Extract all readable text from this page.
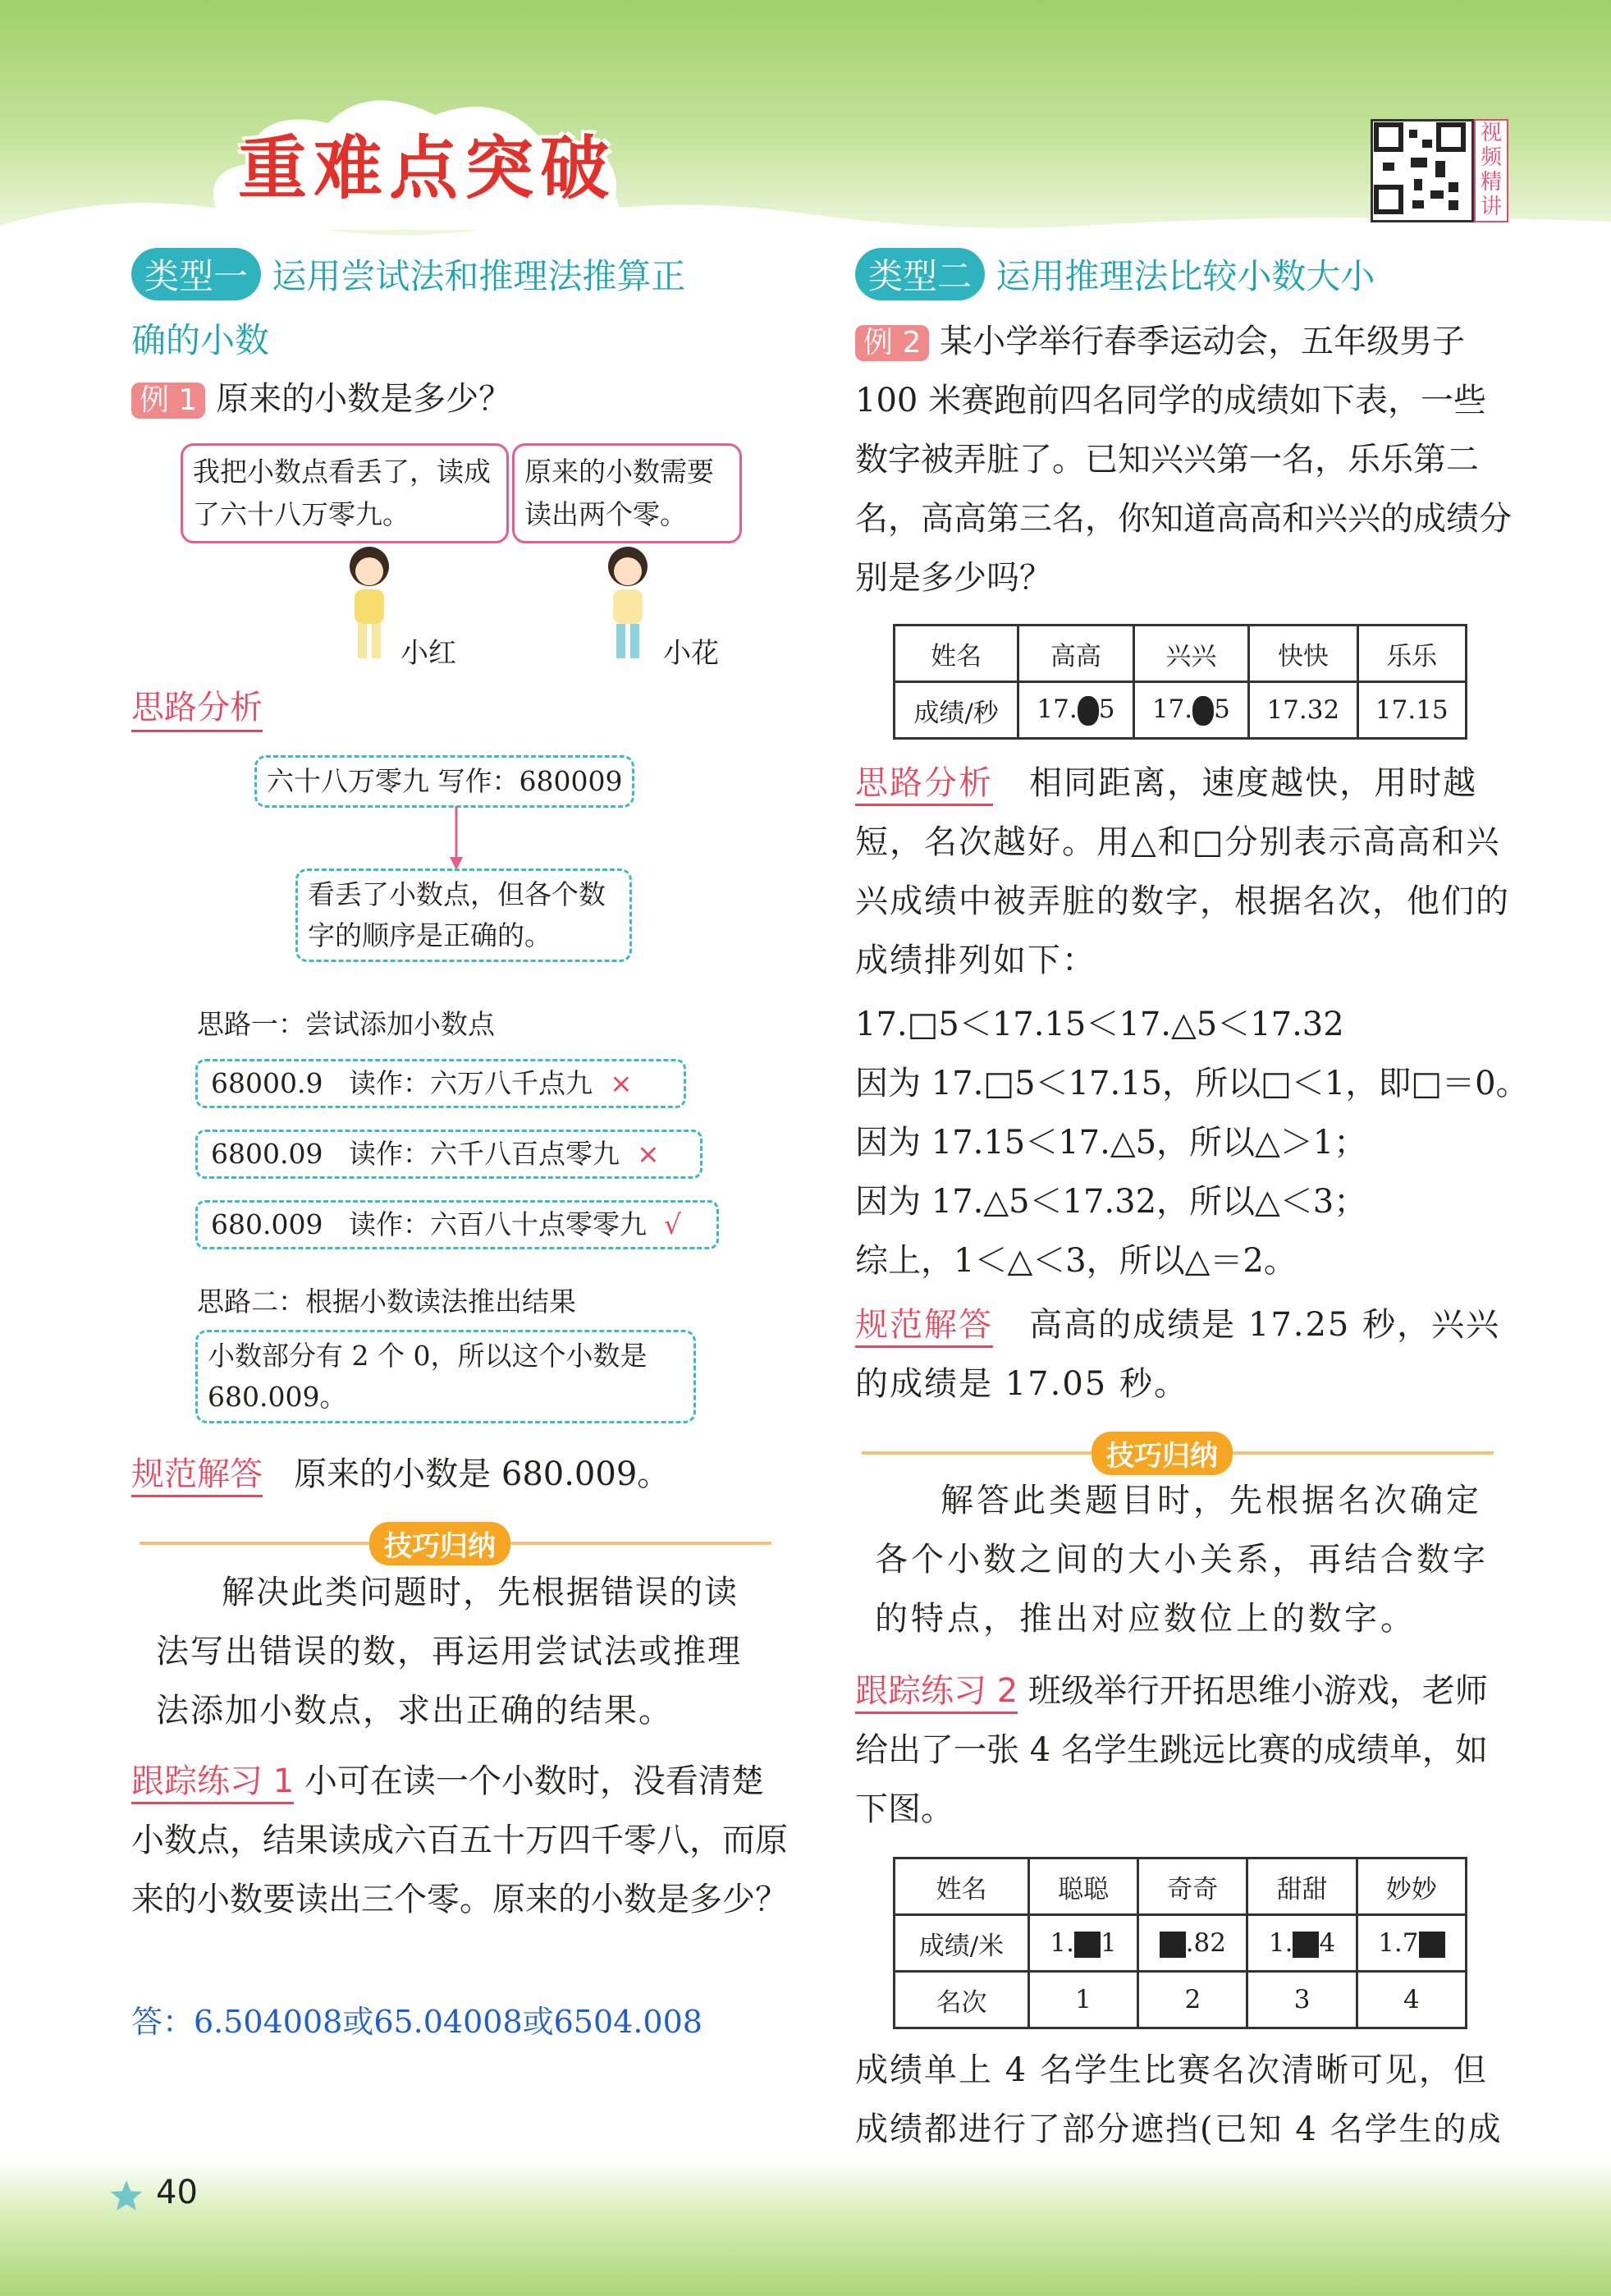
重难点突破	视频精讲
类型一 运用尝试法和推理法推算正
确的小数
例 1 原来的小数是多少？
我把小数点看丢了，读成了六十八万零九。
原来的小数需要读出两个零。
小红	小花
思路分析
六十八万零九 写作：680009
看丢了小数点，但各个数字的顺序是正确的。
思路一：尝试添加小数点
68000.9 读作：六万八千点九 ×
6800.09 读作：六千八百点零九 ×
680.009 读作：六百八十点零零九 √
思路二：根据小数读法推出结果
小数部分有 2 个 0，所以这个小数是 680.009。
规范解答 原来的小数是 680.009。
技巧归纳
解决此类问题时，先根据错误的读法写出错误的数，再运用尝试法或推理法添加小数点，求出正确的结果。
跟踪练习 1 小可在读一个小数时，没看清楚小数点，结果读成六百五十万四千零八，而原来的小数要读出三个零。原来的小数是多少？
答：6.504008或65.04008或6504.008
类型二 运用推理法比较小数大小
例 2 某小学举行春季运动会，五年级男子 100 米赛跑前四名同学的成绩如下表，一些数字被弄脏了。已知兴兴第一名，乐乐第二名，高高第三名，你知道高高和兴兴的成绩分别是多少吗？
姓名	高高	兴兴	快快	乐乐
成绩/秒	17. 5	17. 5	17.32	17.15
思路分析 相同距离，速度越快，用时越短，名次越好。用△和□分别表示高高和兴兴成绩中被弄脏的数字，根据名次，他们的成绩排列如下：
17.□5＜17.15＜17.△5＜17.32
因为 17.□5＜17.15，所以□＜1，即□＝0。
因为 17.15＜17.△5，所以△＞1；
因为 17.△5＜17.32，所以△＜3；
综上，1＜△＜3，所以△＝2。
规范解答 高高的成绩是 17.25 秒，兴兴的成绩是 17.05 秒。
技巧归纳
解答此类题目时，先根据名次确定各个小数之间的大小关系，再结合数字的特点，推出对应数位上的数字。
跟踪练习 2 班级举行开拓思维小游戏，老师给出了一张 4 名学生跳远比赛的成绩单，如下图。
姓名	聪聪	奇奇	甜甜	妙妙
成绩/米	1. 1	.82	1. 4	1.7
名次	1	2	3	4
成绩单上 4 名学生比赛名次清晰可见，但成绩都进行了部分遮挡(已知 4 名学生的成
40
